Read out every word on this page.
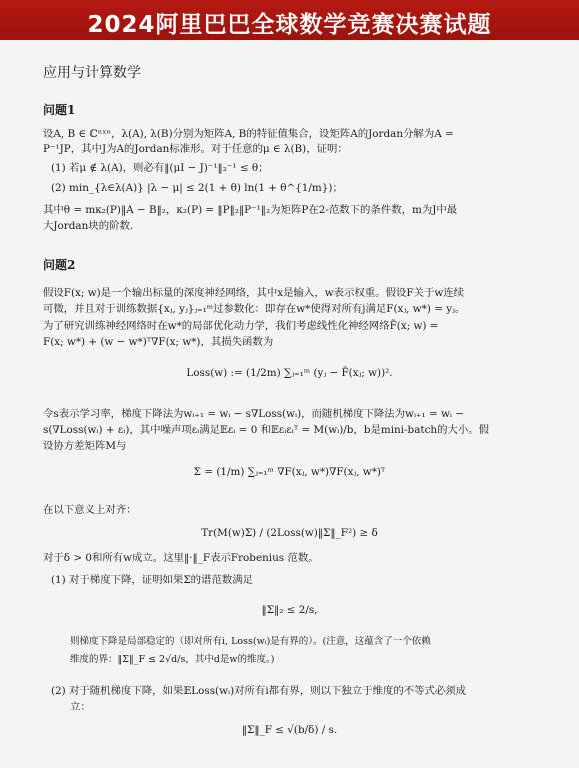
2024阿里巴巴全球数学竞赛决赛试题
应用与计算数学
问题1
设A, B ∈ ℂⁿˣⁿ，λ(A), λ(B)分别为矩阵A, B的特征值集合，设矩阵A的Jordan分解为A =
P⁻¹JP，其中J为A的Jordan标准形。对于任意的μ ∈ λ(B)，证明：
(1) 若μ ∉ λ(A)，则必有‖(μI − J)⁻¹‖₂⁻¹ ≤ θ；
(2) min_{λ∈λ(A)} |λ − μ| ≤ 2(1 + θ) ln(1 + θ^{1/m})；
其中θ = mκ₂(P)‖A − B‖₂，κ₂(P) = ‖P‖₂‖P⁻¹‖₂为矩阵P在2-范数下的条件数，m为J中最
大Jordan块的阶数.
问题2
假设F(x; w)是一个输出标量的深度神经网络，其中x是输入，w表示权重。假设F关于w连续
可微，并且对于训练数据{xⱼ, yⱼ}ⱼ₌₁ᵐ过参数化：即存在w*使得对所有j满足F(xⱼ, w*) = yⱼ。
为了研究训练神经网络时在w*的局部优化动力学，我们考虑线性化神经网络F̃(x; w) =
F(x; w*) + (w − w*)ᵀ∇F(x; w*)，其损失函数为
Loss(w) := (1/2m) ∑ⱼ₌₁ᵐ (yⱼ − F̃(xⱼ; w))².
令s表示学习率，梯度下降法为wᵢ₊₁ = wᵢ − s∇Loss(wᵢ)，而随机梯度下降法为wᵢ₊₁ = wᵢ −
s(∇Loss(wᵢ) + εᵢ)，其中噪声项εᵢ满足𝔼εᵢ = 0 和𝔼εᵢεᵢᵀ = M(wᵢ)/b，b是mini-batch的大小。假
设协方差矩阵M与
Σ = (1/m) ∑ⱼ₌₁ᵐ ∇F(xⱼ, w*)∇F(xⱼ, w*)ᵀ
在以下意义上对齐：
Tr(M(w)Σ) / (2Loss(w)‖Σ‖_F²) ≥ δ
对于δ > 0和所有w成立。这里‖·‖_F表示Frobenius 范数。
(1) 对于梯度下降，证明如果Σ的谱范数满足
‖Σ‖₂ ≤ 2/s,
则梯度下降是局部稳定的（即对所有i, Loss(wᵢ)是有界的）。(注意，这蕴含了一个依赖
维度的界：‖Σ‖_F ≤ 2√d/s，其中d是w的维度。)
(2) 对于随机梯度下降，如果𝔼Loss(wᵢ)对所有i都有界，则以下独立于维度的不等式必须成
立：
‖Σ‖_F ≤ √(b/δ) / s.
